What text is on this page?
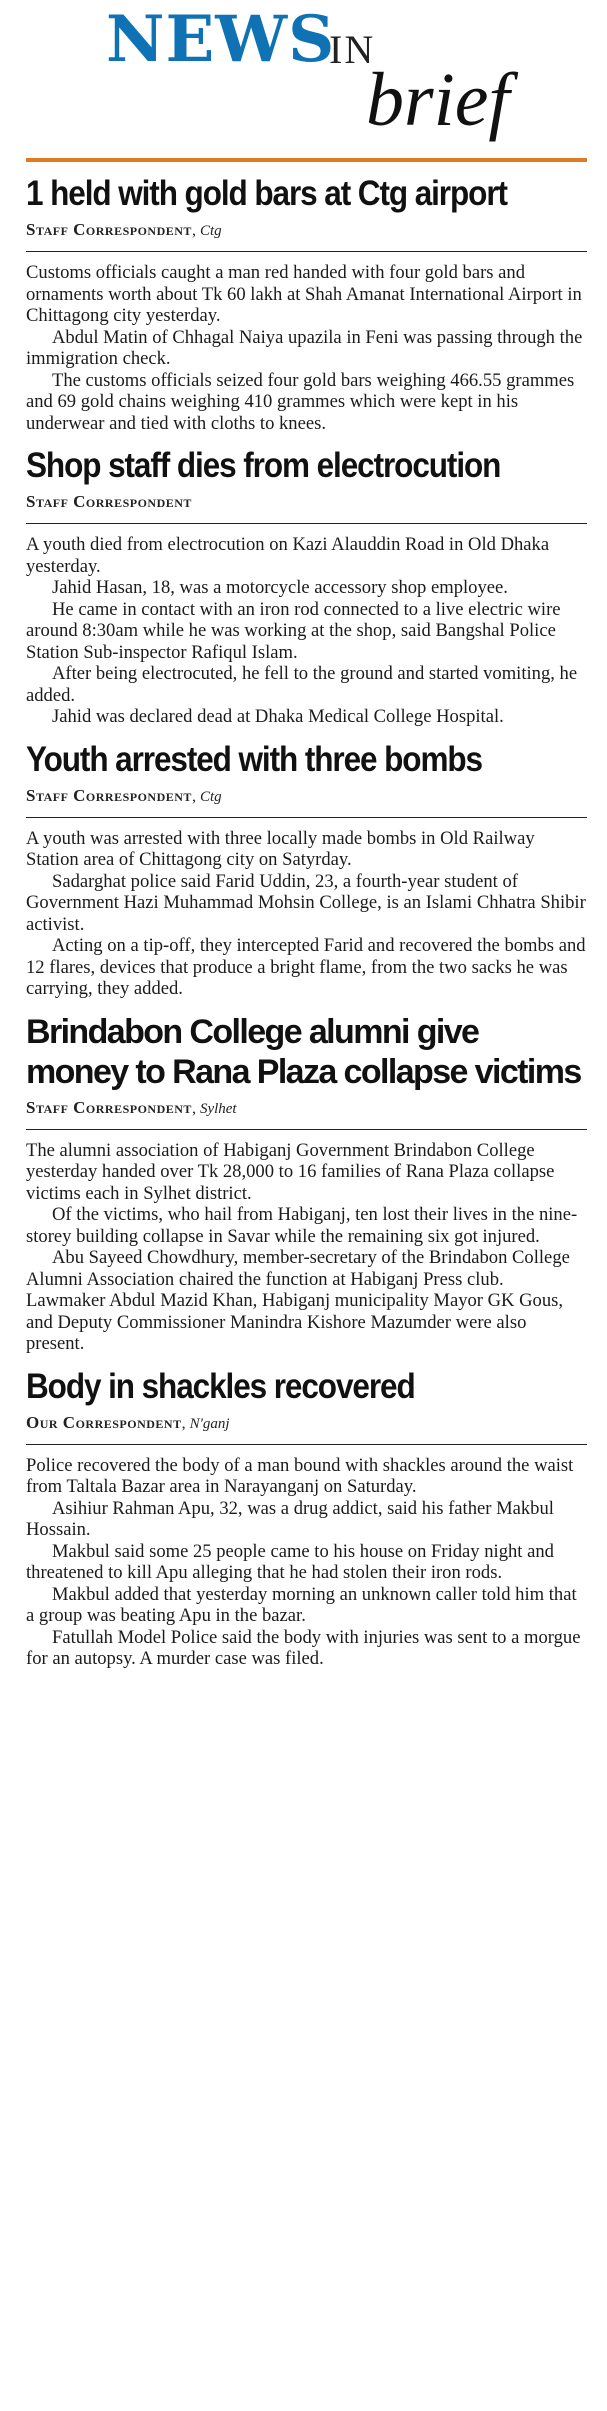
NEWS
IN
brief
1 held with gold bars at Ctg airport
Staff Correspondent, Ctg

Customs officials caught a man red handed with four gold bars and ornaments worth about Tk 60 lakh at Shah Amanat International Airport in Chittagong city yesterday.

Abdul Matin of Chhagal Naiya upazila in Feni was passing through the immigration check.

The customs officials seized four gold bars weighing 466.55 grammes and 69 gold chains weighing 410 grammes which were kept in his underwear and tied with cloths to knees.

Shop staff dies from electrocution
Staff Correspondent

A youth died from electrocution on Kazi Alauddin Road in Old Dhaka yesterday.

Jahid Hasan, 18, was a motorcycle accessory shop employee.

He came in contact with an iron rod connected to a live electric wire around 8:30am while he was working at the shop, said Bangshal Police Station Sub-inspector Rafiqul Islam.

After being electrocuted, he fell to the ground and started vomiting, he added.

Jahid was declared dead at Dhaka Medical College Hospital.

Youth arrested with three bombs
Staff Correspondent, Ctg

A youth was arrested with three locally made bombs in Old Railway Station area of Chittagong city on Satyrday.

Sadarghat police said Farid Uddin, 23, a fourth-year student of Government Hazi Muhammad Mohsin College, is an Islami Chhatra Shibir activist.

Acting on a tip-off, they intercepted Farid and recovered the bombs and 12 flares, devices that produce a bright flame, from the two sacks he was carrying, they added.

Brindabon College alumni give money to Rana Plaza collapse victims
Staff Correspondent, Sylhet

The alumni association of Habiganj Government Brindabon College yesterday handed over Tk 28,000 to 16 families of Rana Plaza collapse victims each in Sylhet district.

Of the victims, who hail from Habiganj, ten lost their lives in the nine-storey building collapse in Savar while the remaining six got injured.

Abu Sayeed Chowdhury, member-secretary of the Brindabon College Alumni Association chaired the function at Habiganj Press club. Lawmaker Abdul Mazid Khan, Habiganj municipality Mayor GK Gous, and Deputy Commissioner Manindra Kishore Mazumder were also present.

Body in shackles recovered
Our Correspondent, N'ganj

Police recovered the body of a man bound with shackles around the waist from Taltala Bazar area in Narayanganj on Saturday.

Asihiur Rahman Apu, 32, was a drug addict, said his father Makbul Hossain.

Makbul said some 25 people came to his house on Friday night and threatened to kill Apu alleging that he had stolen their iron rods.

Makbul added that yesterday morning an unknown caller told him that a group was beating Apu in the bazar.

Fatullah Model Police said the body with injuries was sent to a morgue for an autopsy. A murder case was filed.
